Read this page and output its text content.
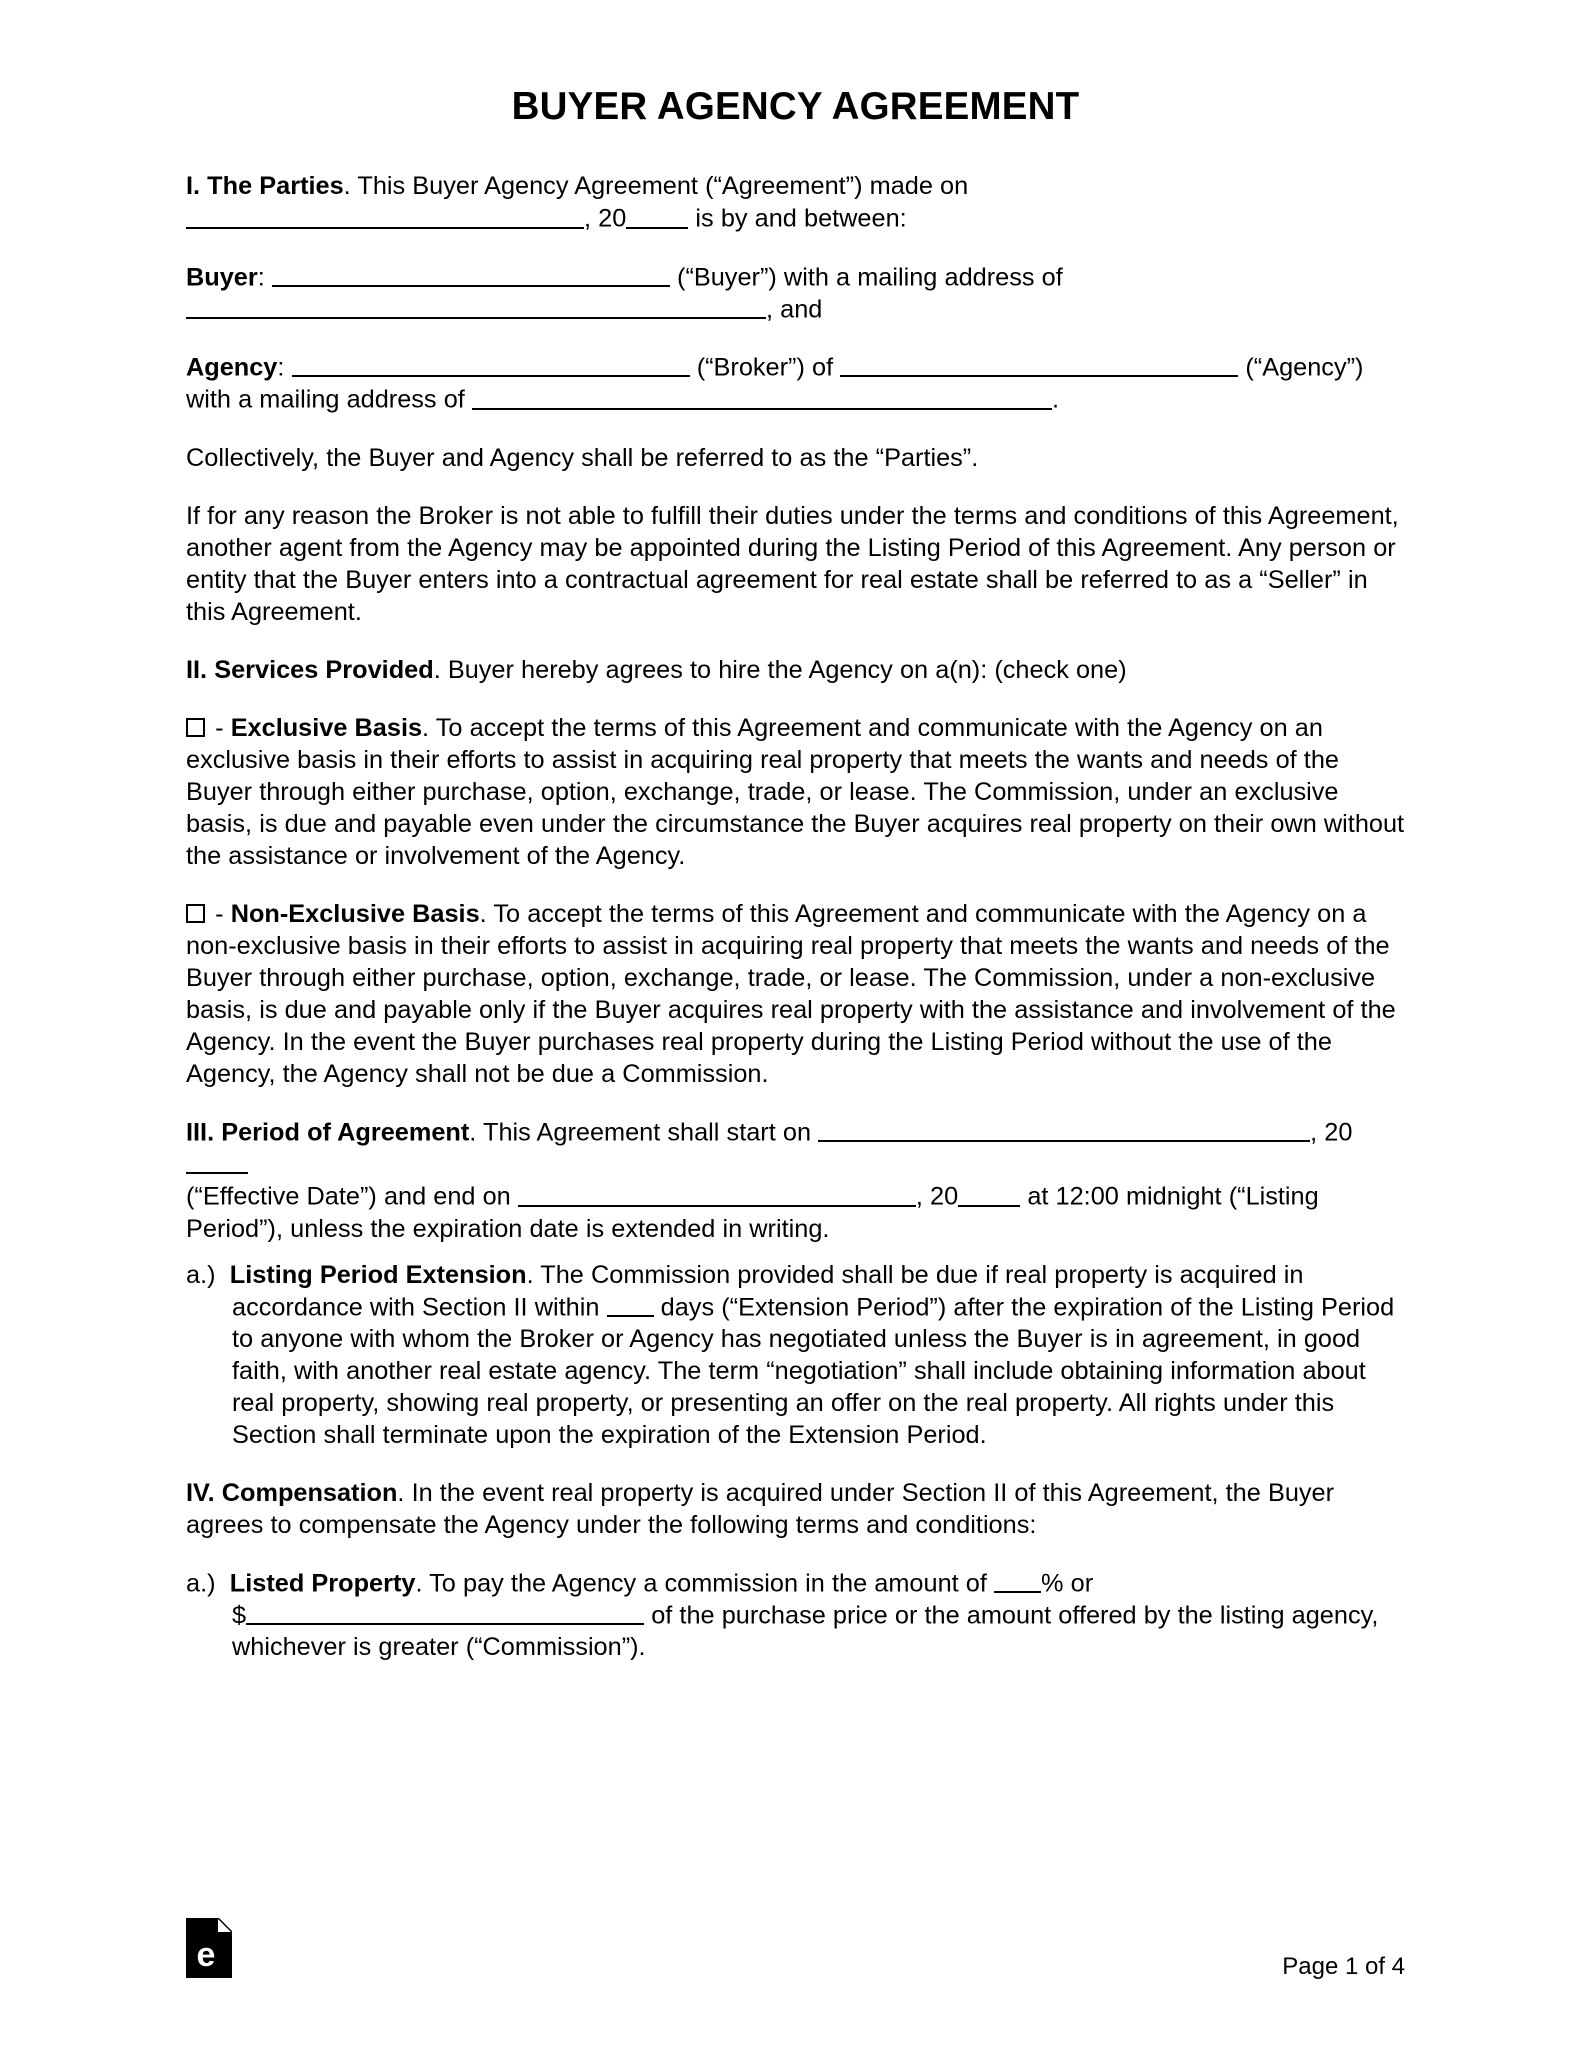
BUYER AGENCY AGREEMENT

I. The Parties. This Buyer Agency Agreement (“Agreement”) made on
, 20 is by and between:

Buyer:	(“Buyer”) with a mailing address of
, and

Agency:	(“Broker”) of	(“Agency”)

with a mailing address of	.

Collectively, the Buyer and Agency shall be referred to as the “Parties”.

If for any reason the Broker is not able to fulfill their duties under the terms and conditions of this Agreement, another agent from the Agency may be appointed during the Listing Period of this Agreement. Any person or entity that the Buyer enters into a contractual agreement for real estate shall be referred to as a “Seller” in this Agreement.

II. Services Provided. Buyer hereby agrees to hire the Agency on a(n): (check one)

- Exclusive Basis. To accept the terms of this Agreement and communicate with the Agency on an exclusive basis in their efforts to assist in acquiring real property that meets the wants and needs of the Buyer through either purchase, option, exchange, trade, or lease. The Commission, under an exclusive basis, is due and payable even under the circumstance the Buyer acquires real property on their own without the assistance or involvement of the Agency.

- Non-Exclusive Basis. To accept the terms of this Agreement and communicate with the Agency on a non-exclusive basis in their efforts to assist in acquiring real property that meets the wants and needs of the Buyer through either purchase, option, exchange, trade, or lease. The Commission, under a non-exclusive basis, is due and payable only if the Buyer acquires real property with the assistance and involvement of the Agency. In the event the Buyer purchases real property during the Listing Period without the use of the Agency, the Agency shall not be due a Commission.

III. Period of Agreement. This Agreement shall start on	, 20
(“Effective Date”) and end on	, 20 at 12:00 midnight (“Listing Period”), unless the expiration date is extended in writing.

a.) Listing Period Extension. The Commission provided shall be due if real property is acquired in accordance with Section II within  days (“Extension Period”) after the expiration of the Listing Period to anyone with whom the Broker or Agency has negotiated unless the Buyer is in agreement, in good faith, with another real estate agency. The term “negotiation” shall include obtaining information about real property, showing real property, or presenting an offer on the real property. All rights under this Section shall terminate upon the expiration of the Extension Period.

IV. Compensation. In the event real property is acquired under Section II of this Agreement, the Buyer agrees to compensate the Agency under the following terms and conditions:

a.) Listed Property. To pay the Agency a commission in the amount of % or
$	of the purchase price or the amount offered by the listing agency, whichever is greater (“Commission”).

e	Page 1 of 4
